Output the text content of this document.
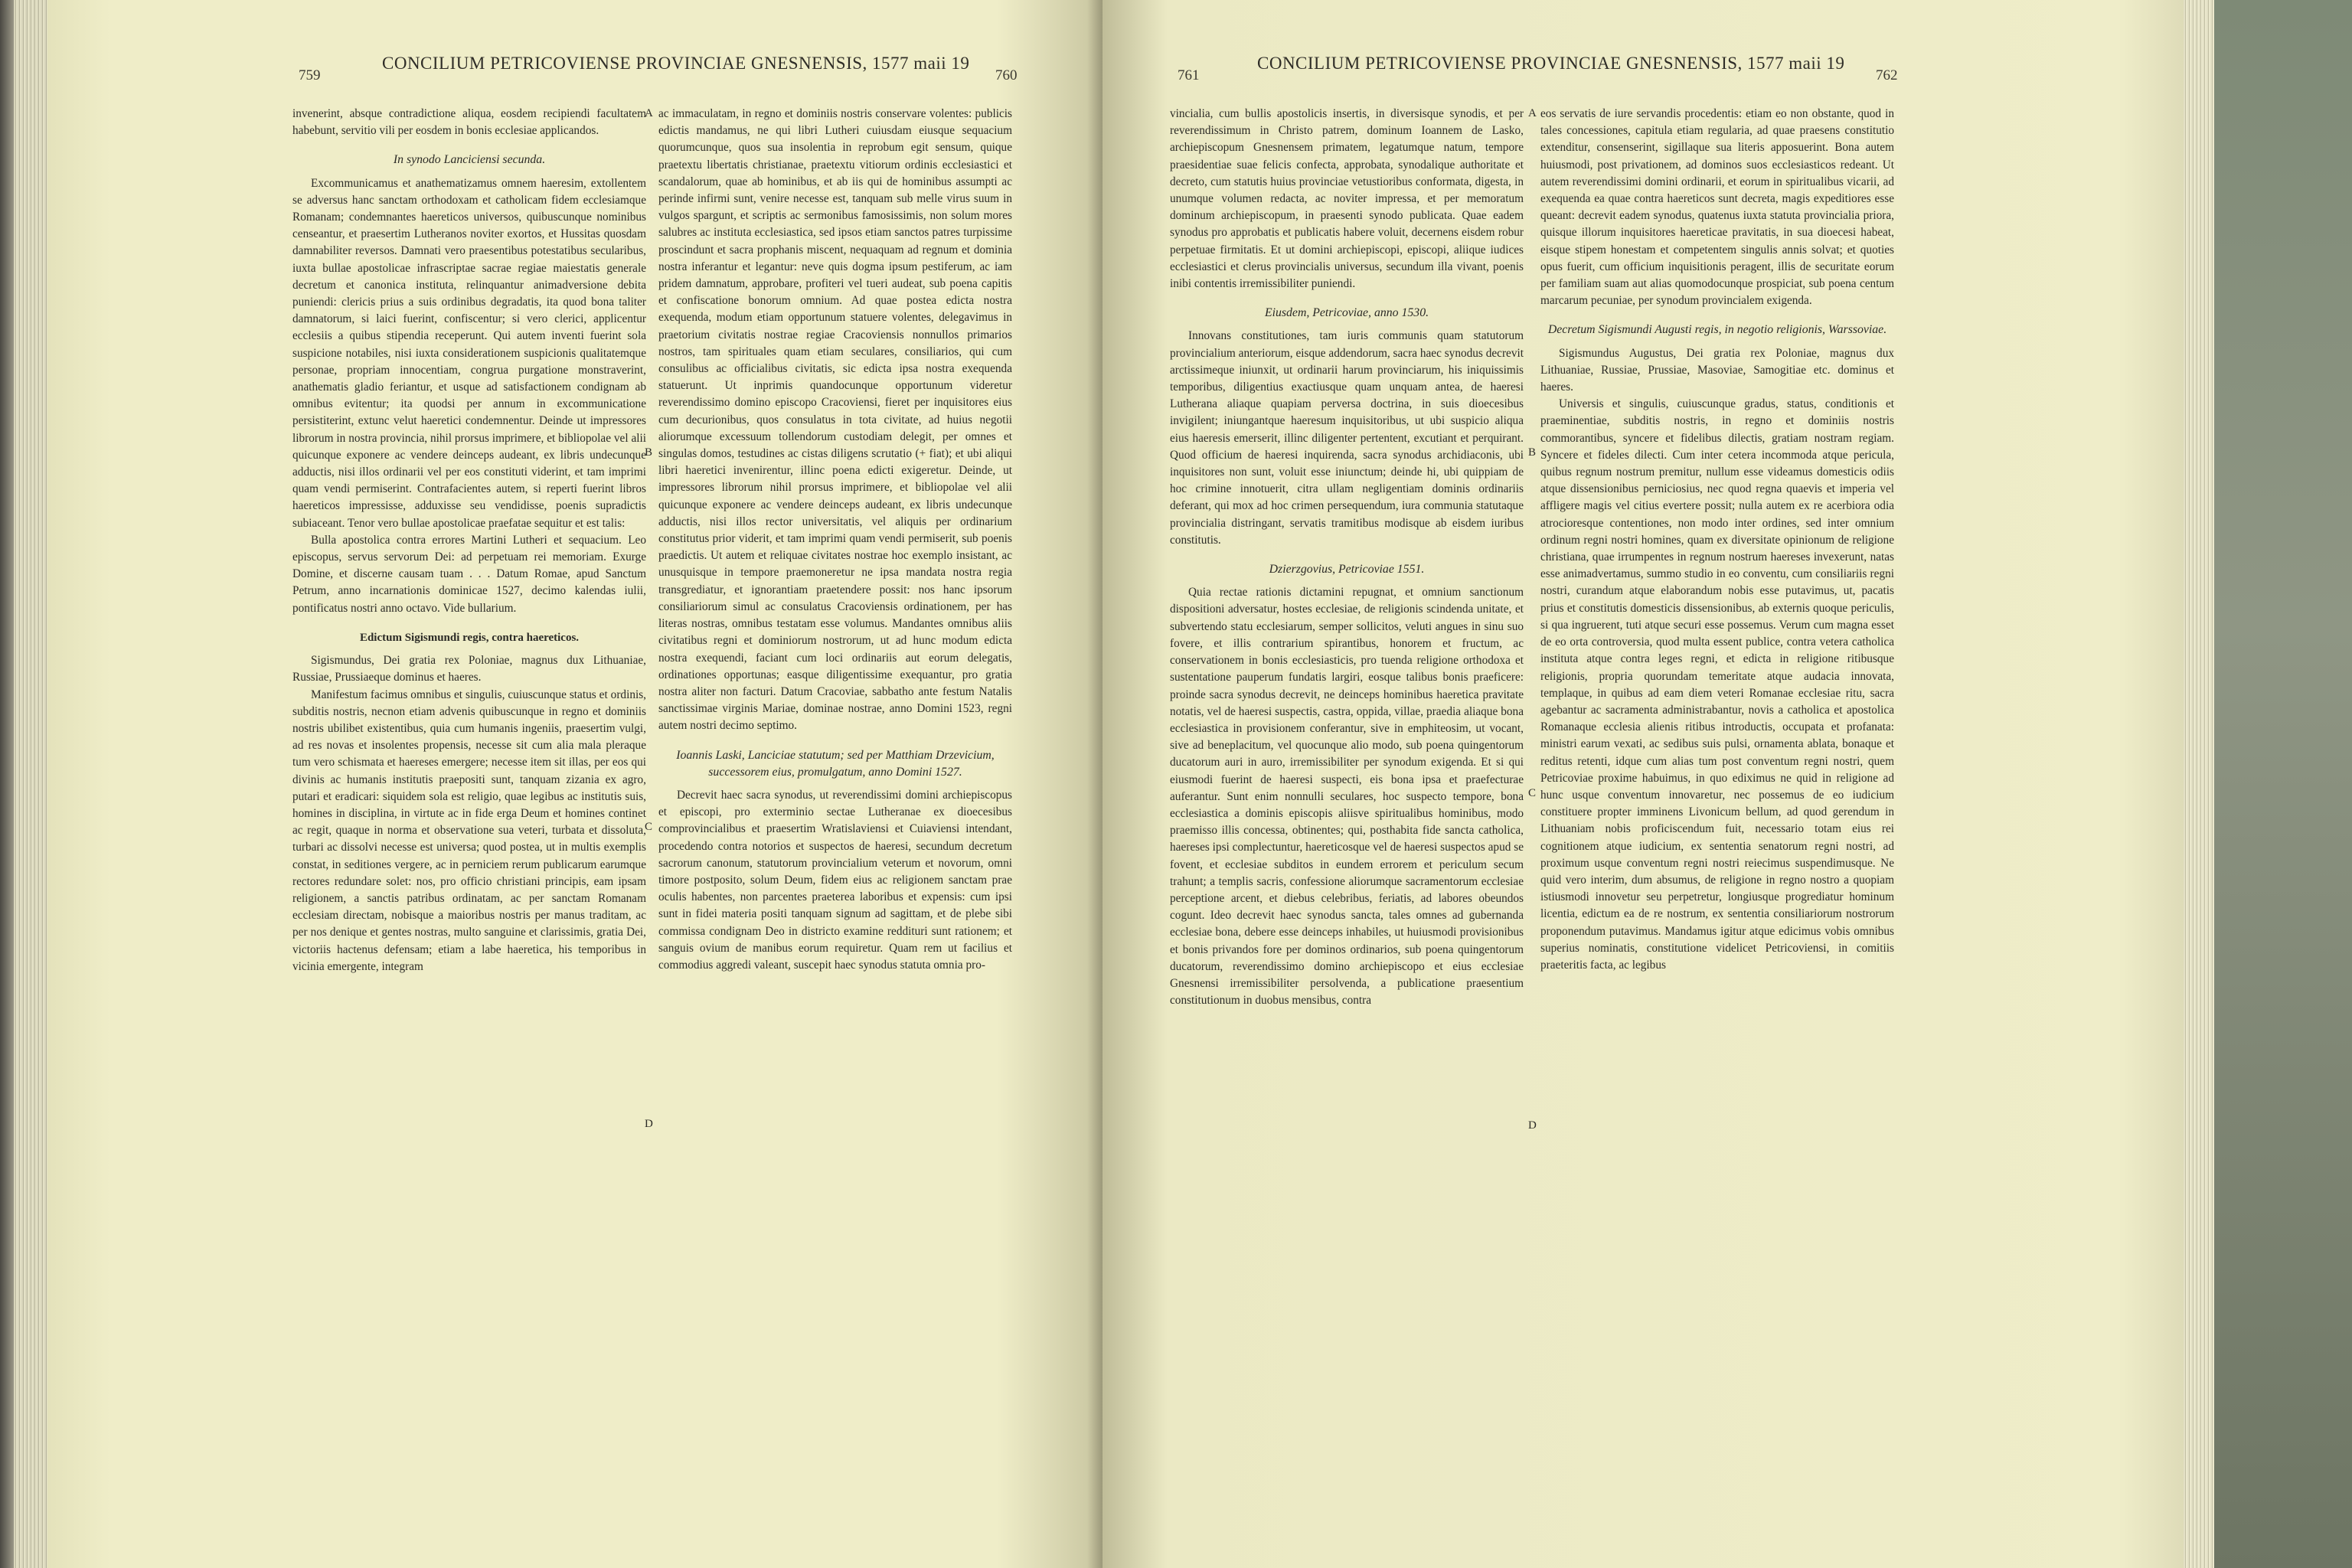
759
CONCILIUM PETRICOVIENSE PROVINCIAE GNESNENSIS, 1577 maii 19
760

invenerint, absque contradictione aliqua, eosdem recipiendi facultatem habebunt, servitio vili per eosdem in bonis ecclesiae applicandos.

In synodo Lanciciensi secunda.

Excommunicamus et anathematizamus omnem haeresim, extollentem se adversus hanc sanctam orthodoxam et catholicam fidem ecclesiamque Romanam; condemnantes haereticos universos, quibuscunque nominibus censeantur, et praesertim Lutheranos noviter exortos, et Hussitas quosdam damnabiliter reversos. Damnati vero praesentibus potestatibus secularibus, iuxta bullae apostolicae infrascriptae sacrae regiae maiestatis generale decretum et canonica instituta, relinquantur animadversione debita puniendi: clericis prius a suis ordinibus degradatis, ita quod bona taliter damnatorum, si laici fuerint, confiscentur; si vero clerici, applicentur ecclesiis a quibus stipendia receperunt. Qui autem inventi fuerint sola suspicione notabiles, nisi iuxta considerationem suspicionis qualitatemque personae, propriam innocentiam, congrua purgatione monstraverint, anathematis gladio feriantur, et usque ad satisfactionem condignam ab omnibus evitentur; ita quodsi per annum in excommunicatione persistiterint, extunc velut haeretici condemnentur. Deinde ut impressores librorum in nostra provincia, nihil prorsus imprimere, et bibliopolae vel alii quicunque exponere ac vendere deinceps audeant, ex libris undecunque adductis, nisi illos ordinarii vel per eos constituti viderint, et tam imprimi quam vendi permiserint. Contrafacientes autem, si reperti fuerint libros haereticos impressisse, adduxisse seu vendidisse, poenis supradictis subiaceant. Tenor vero bullae apostolicae praefatae sequitur et est talis:

Bulla apostolica contra errores Martini Lutheri et sequacium. Leo episcopus, servus servorum Dei: ad perpetuam rei memoriam. Exurge Domine, et discerne causam tuam . . . Datum Romae, apud Sanctum Petrum, anno incarnationis dominicae 1527, decimo kalendas iulii, pontificatus nostri anno octavo. Vide bullarium.

Edictum Sigismundi regis, contra haereticos.

Sigismundus, Dei gratia rex Poloniae, magnus dux Lithuaniae, Russiae, Prussiaeque dominus et haeres.

Manifestum facimus omnibus et singulis, cuiuscunque status et ordinis, subditis nostris, necnon etiam advenis quibuscunque in regno et dominiis nostris ubilibet existentibus, quia cum humanis ingeniis, praesertim vulgi, ad res novas et insolentes propensis, necesse sit cum alia mala pleraque tum vero schismata et haereses emergere; necesse item sit illas, per eos qui divinis ac humanis institutis praepositi sunt, tanquam zizania ex agro, putari et eradicari: siquidem sola est religio, quae legibus ac institutis suis, homines in disciplina, in virtute ac in fide erga Deum et homines continet ac regit, quaque in norma et observatione sua veteri, turbata et dissoluta, turbari ac dissolvi necesse est universa; quod postea, ut in multis exemplis constat, in seditiones vergere, ac in perniciem rerum publicarum earumque rectores redundare solet: nos, pro officio christiani principis, eam ipsam religionem, a sanctis patribus ordinatam, ac per sanctam Romanam ecclesiam directam, nobisque a maioribus nostris per manus traditam, ac per nos denique et gentes nostras, multo sanguine et clarissimis, gratia Dei, victoriis hactenus defensam; etiam a labe haeretica, his temporibus in vicinia emergente, integram

ac immaculatam, in regno et dominiis nostris conservare volentes: publicis edictis mandamus, ne qui libri Lutheri cuiusdam eiusque sequacium quorumcunque, quos sua insolentia in reprobum egit sensum, quique praetextu libertatis christianae, praetextu vitiorum ordinis ecclesiastici et scandalorum, quae ab hominibus, et ab iis qui de hominibus assumpti ac perinde infirmi sunt, venire necesse est, tanquam sub melle virus suum in vulgos spargunt, et scriptis ac sermonibus famosissimis, non solum mores salubres ac instituta ecclesiastica, sed ipsos etiam sanctos patres turpissime proscindunt et sacra prophanis miscent, nequaquam ad regnum et dominia nostra inferantur et legantur: neve quis dogma ipsum pestiferum, ac iam pridem damnatum, approbare, profiteri vel tueri audeat, sub poena capitis et confiscatione bonorum omnium. Ad quae postea edicta nostra exequenda, modum etiam opportunum statuere volentes, delegavimus in praetorium civitatis nostrae regiae Cracoviensis nonnullos primarios nostros, tam spirituales quam etiam seculares, consiliarios, qui cum consulibus ac officialibus civitatis, sic edicta ipsa nostra exequenda statuerunt. Ut inprimis quandocunque opportunum videretur reverendissimo domino episcopo Cracoviensi, fieret per inquisitores eius cum decurionibus, quos consulatus in tota civitate, ad huius negotii aliorumque excessuum tollendorum custodiam delegit, per omnes et singulas domos, testudines ac cistas diligens scrutatio (+ fiat); et ubi aliqui libri haeretici invenirentur, illinc poena edicti exigeretur. Deinde, ut impressores librorum nihil prorsus imprimere, et bibliopolae vel alii quicunque exponere ac vendere deinceps audeant, ex libris undecunque adductis, nisi illos rector universitatis, vel aliquis per ordinarium constitutus prior viderit, et tam imprimi quam vendi permiserit, sub poenis praedictis. Ut autem et reliquae civitates nostrae hoc exemplo insistant, ac unusquisque in tempore praemoneretur ne ipsa mandata nostra regia transgrediatur, et ignorantiam praetendere possit: nos hanc ipsorum consiliariorum simul ac consulatus Cracoviensis ordinationem, per has literas nostras, omnibus testatam esse volumus. Mandantes omnibus aliis civitatibus regni et dominiorum nostrorum, ut ad hunc modum edicta nostra exequendi, faciant cum loci ordinariis aut eorum delegatis, ordinationes opportunas; easque diligentissime exequantur, pro gratia nostra aliter non facturi. Datum Cracoviae, sabbatho ante festum Natalis sanctissimae virginis Mariae, dominae nostrae, anno Domini 1523, regni autem nostri decimo septimo.

Ioannis Laski, Lanciciae statutum; sed per Matthiam Drzevicium, successorem eius, promulgatum, anno Domini 1527.

Decrevit haec sacra synodus, ut reverendissimi domini archiepiscopus et episcopi, pro exterminio sectae Lutheranae ex dioecesibus comprovincialibus et praesertim Wratislaviensi et Cuiaviensi intendant, procedendo contra notorios et suspectos de haeresi, secundum decretum sacrorum canonum, statutorum provincialium veterum et novorum, omni timore postposito, solum Deum, fidem eius ac religionem sanctam prae oculis habentes, non parcentes praeterea laboribus et expensis: cum ipsi sunt in fidei materia positi tanquam signum ad sagittam, et de plebe sibi commissa condignam Deo in districto examine reddituri sunt rationem; et sanguis ovium de manibus eorum requiretur. Quam rem ut facilius et commodius aggredi valeant, suscepit haec synodus statuta omnia pro-

A
B
C
D
761
CONCILIUM PETRICOVIENSE PROVINCIAE GNESNENSIS, 1577 maii 19
762

vincialia, cum bullis apostolicis insertis, in diversisque synodis, et per reverendissimum in Christo patrem, dominum Ioannem de Lasko, archiepiscopum Gnesnensem primatem, legatumque natum, tempore praesidentiae suae felicis confecta, approbata, synodalique authoritate et decreto, cum statutis huius provinciae vetustioribus conformata, digesta, in unumque volumen redacta, ac noviter impressa, et per memoratum dominum archiepiscopum, in praesenti synodo publicata. Quae eadem synodus pro approbatis et publicatis habere voluit, decernens eisdem robur perpetuae firmitatis. Et ut domini archiepiscopi, episcopi, aliique iudices ecclesiastici et clerus provincialis universus, secundum illa vivant, poenis inibi contentis irremissibiliter puniendi.

Eiusdem, Petricoviae, anno 1530.

Innovans constitutiones, tam iuris communis quam statutorum provincialium anteriorum, eisque addendorum, sacra haec synodus decrevit arctissimeque iniunxit, ut ordinarii harum provinciarum, his iniquissimis temporibus, diligentius exactiusque quam unquam antea, de haeresi Lutherana aliaque quapiam perversa doctrina, in suis dioecesibus invigilent; iniungantque haeresum inquisitoribus, ut ubi suspicio aliqua eius haeresis emerserit, illinc diligenter pertentent, excutiant et perquirant. Quod officium de haeresi inquirenda, sacra synodus archidiaconis, ubi inquisitores non sunt, voluit esse iniunctum; deinde hi, ubi quippiam de hoc crimine innotuerit, citra ullam negligentiam dominis ordinariis deferant, qui mox ad hoc crimen persequendum, iura communia statutaque provincialia distringant, servatis tramitibus modisque ab eisdem iuribus constitutis.

Dzierzgovius, Petricoviae 1551.

Quia rectae rationis dictamini repugnat, et omnium sanctionum dispositioni adversatur, hostes ecclesiae, de religionis scindenda unitate, et subvertendo statu ecclesiarum, semper sollicitos, veluti angues in sinu suo fovere, et illis contrarium spirantibus, honorem et fructum, ac conservationem in bonis ecclesiasticis, pro tuenda religione orthodoxa et sustentatione pauperum fundatis largiri, eosque talibus bonis praeficere: proinde sacra synodus decrevit, ne deinceps hominibus haeretica pravitate notatis, vel de haeresi suspectis, castra, oppida, villae, praedia aliaque bona ecclesiastica in provisionem conferantur, sive in emphiteosim, ut vocant, sive ad beneplacitum, vel quocunque alio modo, sub poena quingentorum ducatorum auri in auro, irremissibiliter per synodum exigenda. Et si qui eiusmodi fuerint de haeresi suspecti, eis bona ipsa et praefecturae auferantur. Sunt enim nonnulli seculares, hoc suspecto tempore, bona ecclesiastica a dominis episcopis aliisve spiritualibus hominibus, modo praemisso illis concessa, obtinentes; qui, posthabita fide sancta catholica, haereses ipsi complectuntur, haereticosque vel de haeresi suspectos apud se fovent, et ecclesiae subditos in eundem errorem et periculum secum trahunt; a templis sacris, confessione aliorumque sacramentorum ecclesiae perceptione arcent, et diebus celebribus, feriatis, ad labores obeundos cogunt. Ideo decrevit haec synodus sancta, tales omnes ad gubernanda ecclesiae bona, debere esse deinceps inhabiles, ut huiusmodi provisionibus et bonis privandos fore per dominos ordinarios, sub poena quingentorum ducatorum, reverendissimo domino archiepiscopo et eius ecclesiae Gnesnensi irremissibiliter persolvenda, a publicatione praesentium constitutionum in duobus mensibus, contra

eos servatis de iure servandis procedentis: etiam eo non obstante, quod in tales concessiones, capitula etiam regularia, ad quae praesens constitutio extenditur, consenserint, sigillaque sua literis apposuerint. Bona autem huiusmodi, post privationem, ad dominos suos ecclesiasticos redeant. Ut autem reverendissimi domini ordinarii, et eorum in spiritualibus vicarii, ad exequenda ea quae contra haereticos sunt decreta, magis expeditiores esse queant: decrevit eadem synodus, quatenus iuxta statuta provincialia priora, quisque illorum inquisitores haereticae pravitatis, in sua dioecesi habeat, eisque stipem honestam et competentem singulis annis solvat; et quoties opus fuerit, cum officium inquisitionis peragent, illis de securitate eorum per familiam suam aut alias quomodocunque prospiciat, sub poena centum marcarum pecuniae, per synodum provincialem exigenda.

Decretum Sigismundi Augusti regis, in negotio religionis, Warssoviae.

Sigismundus Augustus, Dei gratia rex Poloniae, magnus dux Lithuaniae, Russiae, Prussiae, Masoviae, Samogitiae etc. dominus et haeres.

Universis et singulis, cuiuscunque gradus, status, conditionis et praeminentiae, subditis nostris, in regno et dominiis nostris commorantibus, syncere et fidelibus dilectis, gratiam nostram regiam. Syncere et fideles dilecti. Cum inter cetera incommoda atque pericula, quibus regnum nostrum premitur, nullum esse videamus domesticis odiis atque dissensionibus perniciosius, nec quod regna quaevis et imperia vel affligere magis vel citius evertere possit; nulla autem ex re acerbiora odia atrocioresque contentiones, non modo inter ordines, sed inter omnium ordinum regni nostri homines, quam ex diversitate opinionum de religione christiana, quae irrumpentes in regnum nostrum haereses invexerunt, natas esse animadvertamus, summo studio in eo conventu, cum consiliariis regni nostri, curandum atque elaborandum nobis esse putavimus, ut, pacatis prius et constitutis domesticis dissensionibus, ab externis quoque periculis, si qua ingruerent, tuti atque securi esse possemus. Verum cum magna esset de eo orta controversia, quod multa essent publice, contra vetera catholica instituta atque contra leges regni, et edicta in religione ritibusque religionis, propria quorundam temeritate atque audacia innovata, templaque, in quibus ad eam diem veteri Romanae ecclesiae ritu, sacra agebantur ac sacramenta administrabantur, novis a catholica et apostolica Romanaque ecclesia alienis ritibus introductis, occupata et profanata: ministri earum vexati, ac sedibus suis pulsi, ornamenta ablata, bonaque et reditus retenti, idque cum alias tum post conventum regni nostri, quem Petricoviae proxime habuimus, in quo ediximus ne quid in religione ad hunc usque conventum innovaretur, nec possemus de eo iudicium constituere propter imminens Livonicum bellum, ad quod gerendum in Lithuaniam nobis proficiscendum fuit, necessario totam eius rei cognitionem atque iudicium, ex sententia senatorum regni nostri, ad proximum usque conventum regni nostri reiecimus suspendimusque. Ne quid vero interim, dum absumus, de religione in regno nostro a quopiam istiusmodi innovetur seu perpetretur, longiusque progrediatur hominum licentia, edictum ea de re nostrum, ex sententia consiliariorum nostrorum proponendum putavimus. Mandamus igitur atque edicimus vobis omnibus superius nominatis, constitutione videlicet Petricoviensi, in comitiis praeteritis facta, ac legibus

A
B
C
D
